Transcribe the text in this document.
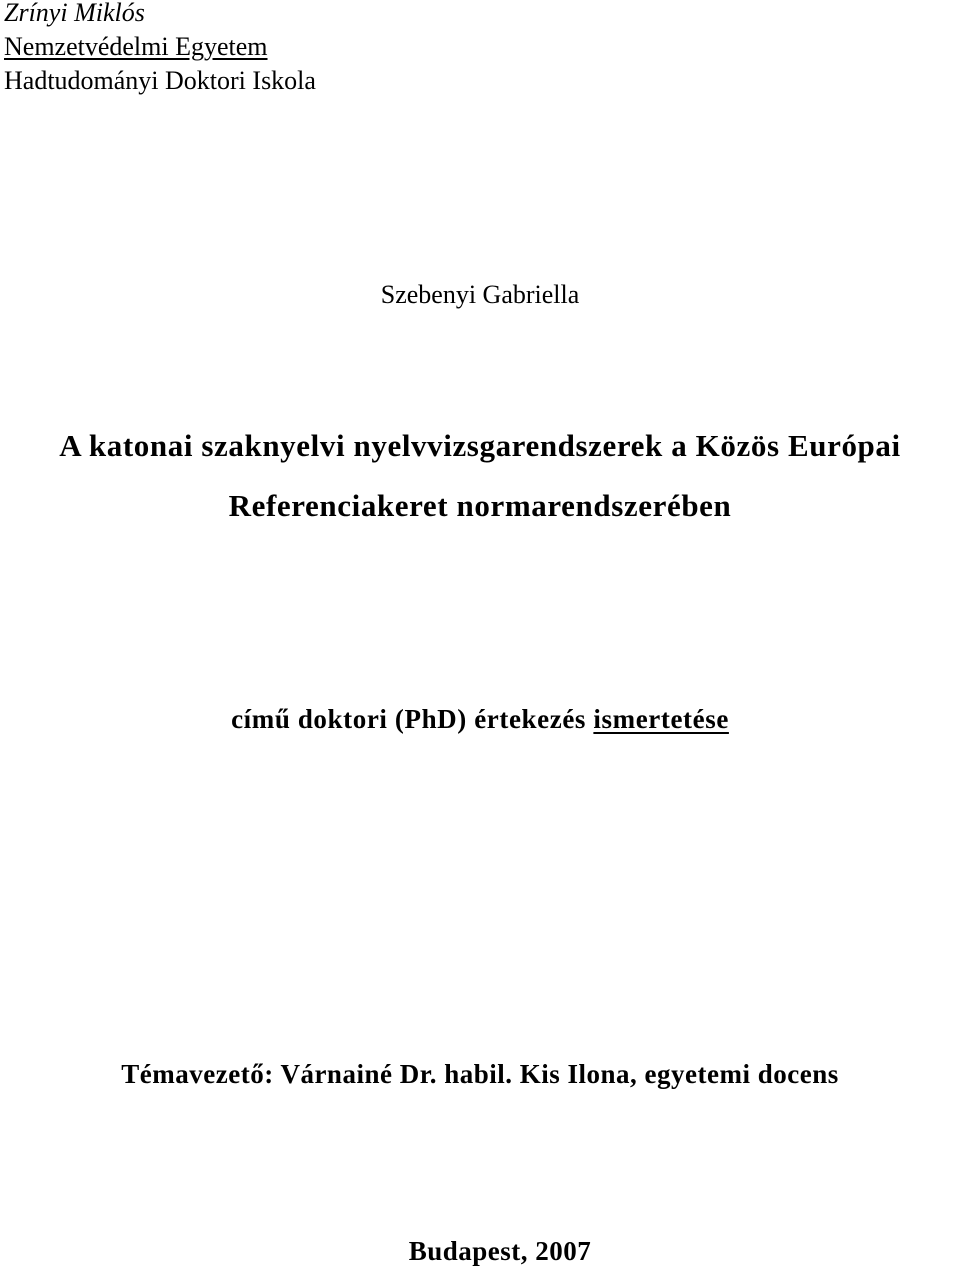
Zrínyi Miklós
Nemzetvédelmi Egyetem
Hadtudományi Doktori Iskola
Szebenyi Gabriella
A katonai szaknyelvi nyelvvizsgarendszerek a Közös Európai
Referenciakeret normarendszerében
című doktori (PhD) értekezés ismertetése
Témavezető: Várnainé Dr. habil. Kis Ilona, egyetemi docens
Budapest, 2007
